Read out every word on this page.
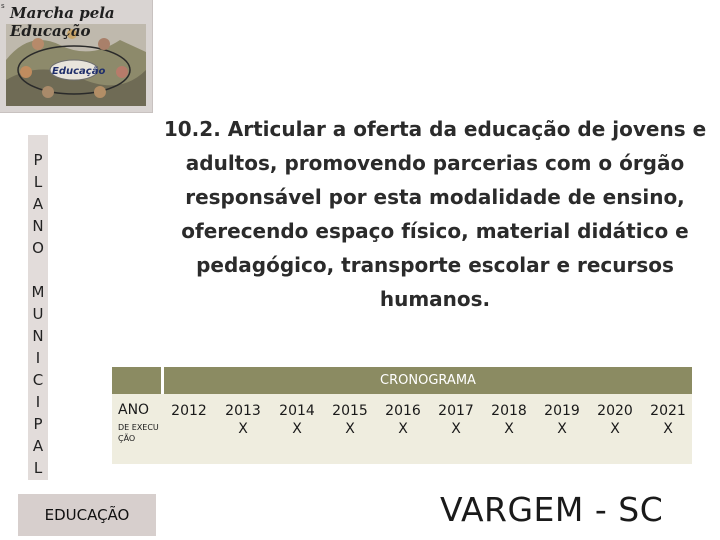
s Marcha pela Educação
Educação
P
L
A
N
O
M
U
N
I
C
I
P
A
L
10.2. Articular a oferta da educação de jovens e adultos, promovendo parcerias com o órgão responsável por esta modalidade de ensino, oferecendo espaço físico, material didático e pedagógico, transporte escolar e recursos humanos.
CRONOGRAMA
ANO
DE EXECUÇÃO
2012	2013
X
2014
X
2015
X
2016
X
2017
X
2018
X
2019
X
2020
X
2021
X
EDUCAÇÃO	VARGEM - SC
